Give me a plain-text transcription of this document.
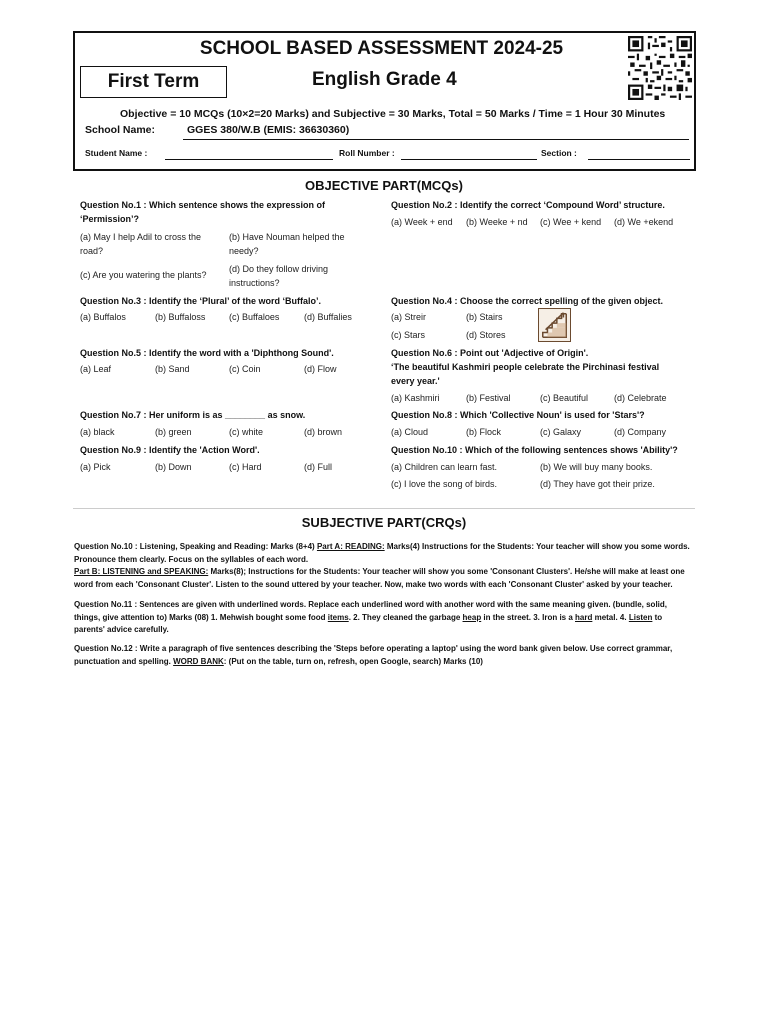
SCHOOL BASED ASSESSMENT 2024-25
First Term	English Grade 4
Objective = 10 MCQs (10×2=20 Marks) and Subjective = 30 Marks, Total = 50 Marks / Time = 1 Hour 30 Minutes
School Name:	GGES 380/W.B (EMIS: 36630360)
Student Name :	Roll Number :	Section :
OBJECTIVE PART(MCQs)
Question No.1 : Which sentence shows the expression of
‘Permission’?
(a) May I help Adil to cross the
road?
(b) Have Nouman helped the
needy?
(c) Are you watering the plants?
(d) Do they follow driving
instructions?
Question No.2 : Identify the correct ‘Compound Word’ structure.
(a) Week + end (b) Weeke + nd (c) Wee + kend (d) We +ekend
Question No.3 : Identify the ‘Plural’ of the word ‘Buffalo’.
(a) Buffalos	(b) Buffaloss	(c) Buffaloes	(d) Buffalies
Question No.4 : Choose the correct spelling of the given object.
(a) Streir	(b) Stairs
(c) Stars	(d) Stores
Question No.5 : Identify the word with a 'Diphthong Sound'.
(a) Leaf	(b) Sand	(c) Coin	(d) Flow
Question No.6 : Point out 'Adjective of Origin'.
‘The beautiful Kashmiri people celebrate the Pirchinasi festival
every year.'
(a) Kashmiri	(b) Festival	(c) Beautiful	(d) Celebrate
Question No.7 : Her uniform is as ________ as snow.
(a) black	(b) green	(c) white	(d) brown
Question No.8 : Which 'Collective Noun' is used for 'Stars'?
(a) Cloud	(b) Flock	(c) Galaxy	(d) Company
Question No.9 : Identify the 'Action Word'.
(a) Pick	(b) Down	(c) Hard	(d) Full
Question No.10 : Which of the following sentences shows 'Ability'?
(a) Children can learn fast.	(b) We will buy many books.
(c) I love the song of birds.	(d) They have got their prize.
SUBJECTIVE PART(CRQs)
Question No.10 : Listening, Speaking and Reading: Marks (8+4) Part A: READING: Marks(4) Instructions for the Students: Your teacher will show you some words. Pronounce them clearly. Focus on the syllables of each word.
Part B: LISTENING and SPEAKING: Marks(8); Instructions for the Students: Your teacher will show you some 'Consonant Clusters'. He/she will make at least one word from each 'Consonant Cluster'. Listen to the sound uttered by your teacher. Now, make two words with each 'Consonant Cluster' asked by your teacher.
Question No.11 : Sentences are given with underlined words. Replace each underlined word with another word with the same meaning given. (bundle, solid, things, give attention to) Marks (08) 1. Mehwish bought some food items. 2. They cleaned the garbage heap in the street. 3. Iron is a hard metal. 4. Listen to parents' advice carefully.
Question No.12 : Write a paragraph of five sentences describing the 'Steps before operating a laptop' using the word bank given below. Use correct grammar, punctuation and spelling. WORD BANK: (Put on the table, turn on, refresh, open Google, search) Marks (10)
